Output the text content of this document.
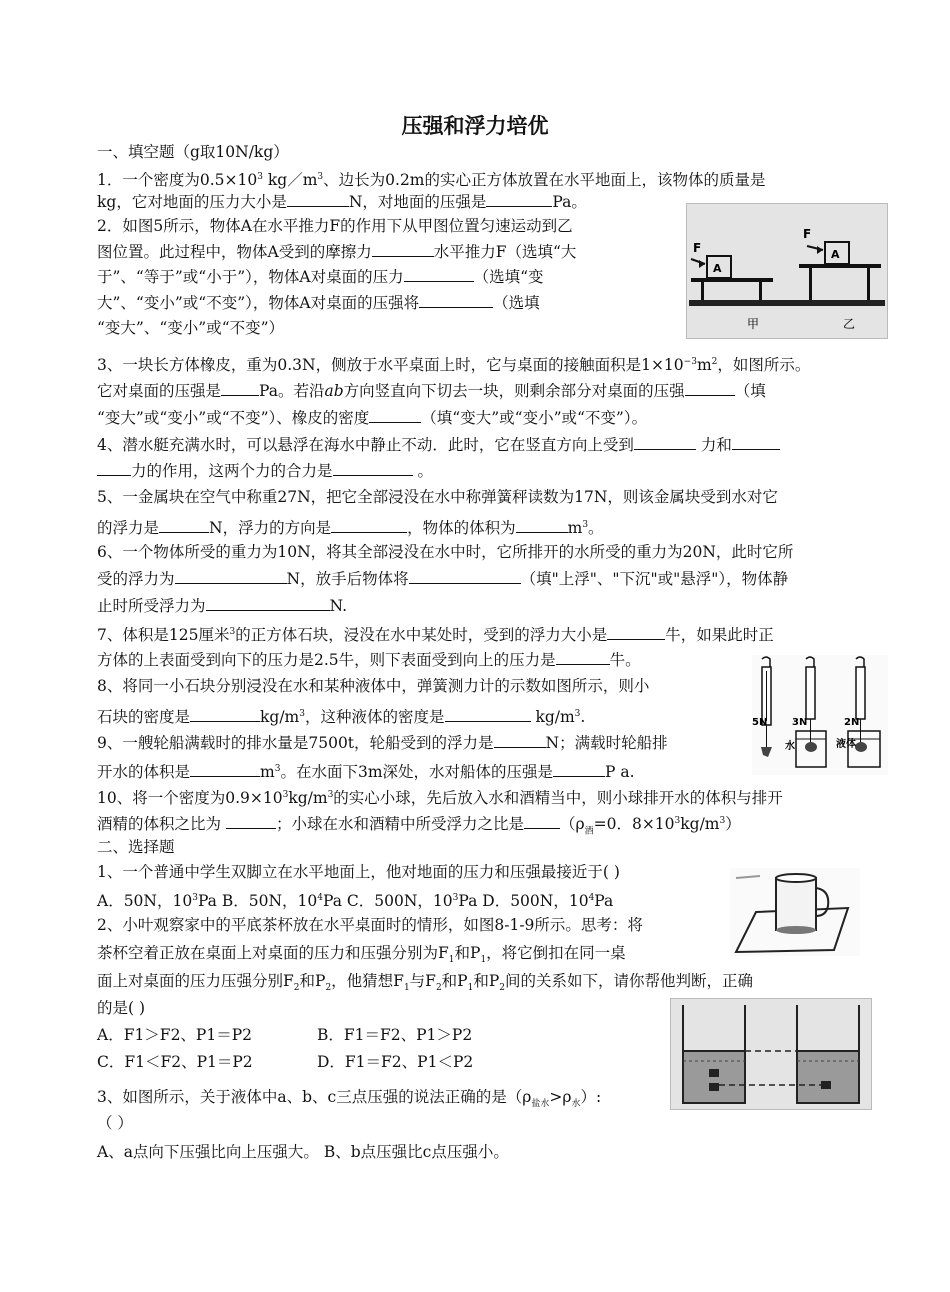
压强和浮力培优
一、填空题（g取10N/kg）
1．一个密度为$0.5\times 10^3$ $kg/m^3$、边长为0.2m的实心正方体放置在水平地面上，该物体的质量是
kg，它对地面的压力大小是	N，对地面的压强是	Pa。
2．如图5所示，物体A在水平推力F的作用下从甲图位置匀速运动到乙
图位置。此过程中，物体A受到的摩擦力	水平推力F（选填“大
于”、“等于”或“小于”），物体A对桌面的压力	（选填“变
大”、“变小”或“不变”），物体A对桌面的压强将	（选填
“变大”、“变小”或“不变”）
F
A
F
A
甲	乙
3、一块长方体橡皮，重为0.3N，侧放于水平桌面上时，它与桌面的接触面积是$1\times 10^{-3}m^2$，如图所示。
它对桌面的压强是 Pa。若沿ab方向竖直向下切去一块，则剩余部分对桌面的压强	（填
“变大”或“变小”或“不变”）、橡皮的密度	（填“变大”或“变小”或“不变”）。
4、潜水艇充满水时，可以悬浮在海水中静止不动．此时，它在竖直方向上受到	力和
力的作用，这两个力的合力是	。
5、一金属块在空气中称重27N，把它全部浸没在水中称弹簧秤读数为17N，则该金属块受到水对它
的浮力是	N，浮力的方向是	，物体的体积为	$m^3$。
6、一个物体所受的重力为10N，将其全部浸没在水中时，它所排开的水所受的重力为20N，此时它所
受的浮力为	N，放手后物体将	（填"上浮"、"下沉"或"悬浮"），物体静
止时所受浮力为	N.
7、体积是125厘米$^3$的正方体石块，浸没在水中某处时，受到的浮力大小是	牛，如果此时正
方体的上表面受到向下的压力是2.5牛，则下表面受到向上的压力是	牛。
5N 3N
水
2N
液体
8、将同一小石块分别浸没在水和某种液体中，弹簧测力计的示数如图所示，则小
石块的密度是	$kg/m^3$，这种液体的密度是	$kg/m^3$.
9、一艘轮船满载时的排水量是7500t，轮船受到的浮力是	N；满载时轮船排
开水的体积是	$m^3$。在水面下3m深处，水对船体的压强是	P a.
10、将一个密度为$0.9\times 10^3kg/m^3$的实心小球，先后放入水和酒精当中，则小球排开水的体积与排开
酒精的体积之比为	；小球在水和酒精中所受浮力之比是 （$\rho_酒=0$．$8\times 10^3kg/m^3$）
二、选择题
1、一个普通中学生双脚立在水平地面上，他对地面的压力和压强最接近于( )
A．50N，$10^3Pa$ B．50N，$10^4Pa$ C．500N，$10^3Pa$ D．500N，$10^4Pa$
2、小叶观察家中的平底茶杯放在水平桌面时的情形，如图8-1-9所示。思考：将
茶杯空着正放在桌面上对桌面的压力和压强分别为$F_1$和$P_1$，将它倒扣在同一桌
面上对桌面的压力压强分别$F_2$和$P_2$，他猜想$F_1$与$F_2$和$P_1$和$P_2$间的关系如下，请你帮他判断，正确
的是( )
A．F1＞F2、P1＝P2	B．F1＝F2、P1＞P2
C．F1＜F2、P1＝P2	D．F1＝F2、P1＜P2
3、如图所示，关于液体中a、b、c三点压强的说法正确的是$(\rho_{盐水}>\rho_水)$:
（ ）
A、a点向下压强比向上压强大。 B、b点压强比c点压强小。
